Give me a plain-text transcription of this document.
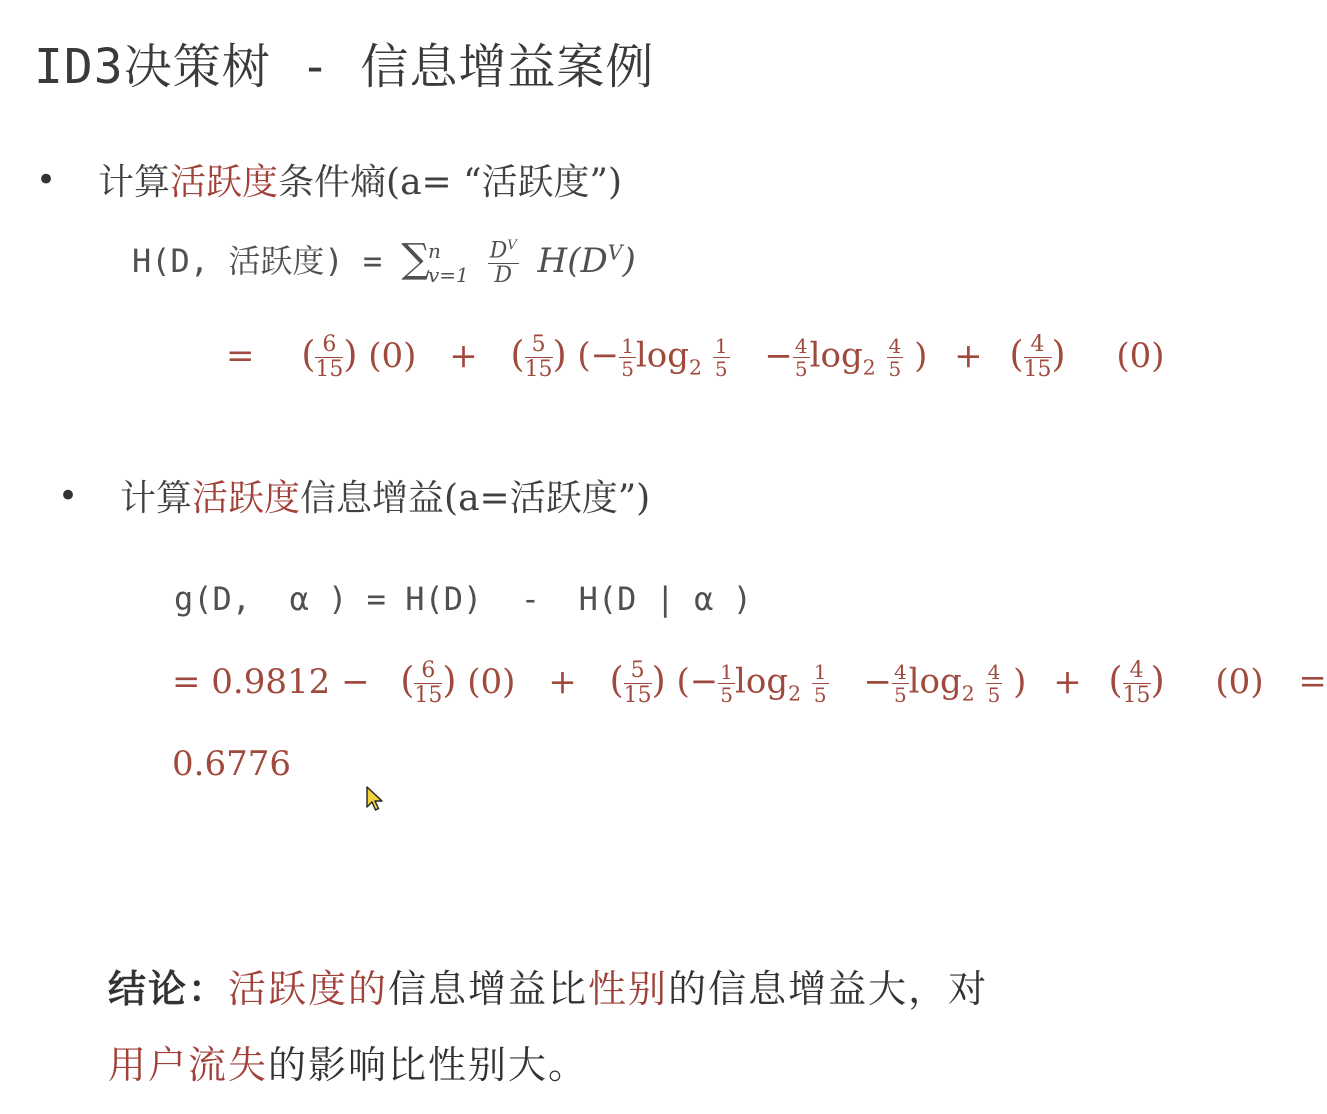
ID3决策树 - 信息增益案例
• 计算活跃度条件熵(a= “活跃度”)
H(D, 活跃度) = ∑
n
v=1
$\frac{D^V}{D} H(D^V)$
= ( $\frac{6}{15}$ ) (0) + ( $\frac{5}{15}$ ) (− $\frac{1}{5} \log_2 \frac{1}{5} - \frac{4}{5} \log_2 \frac{4}{5}$ ) + ( $\frac{4}{15}$ ) (0)
• 计算活跃度信息增益(a=活跃度”)
g(D,  α ) = H(D)  -  H(D | α )
= 0.9812 − ( $\frac{6}{15}$ ) (0) + ( $\frac{5}{15}$ ) (− $\frac{1}{5} \log_2 \frac{1}{5} - \frac{4}{5} \log_2 \frac{4}{5}$ ) + ( $\frac{4}{15}$ ) (0) =
0.6776
结论：活跃度的信息增益比性别的信息增益大，对
用户流失的影响比性别大。
